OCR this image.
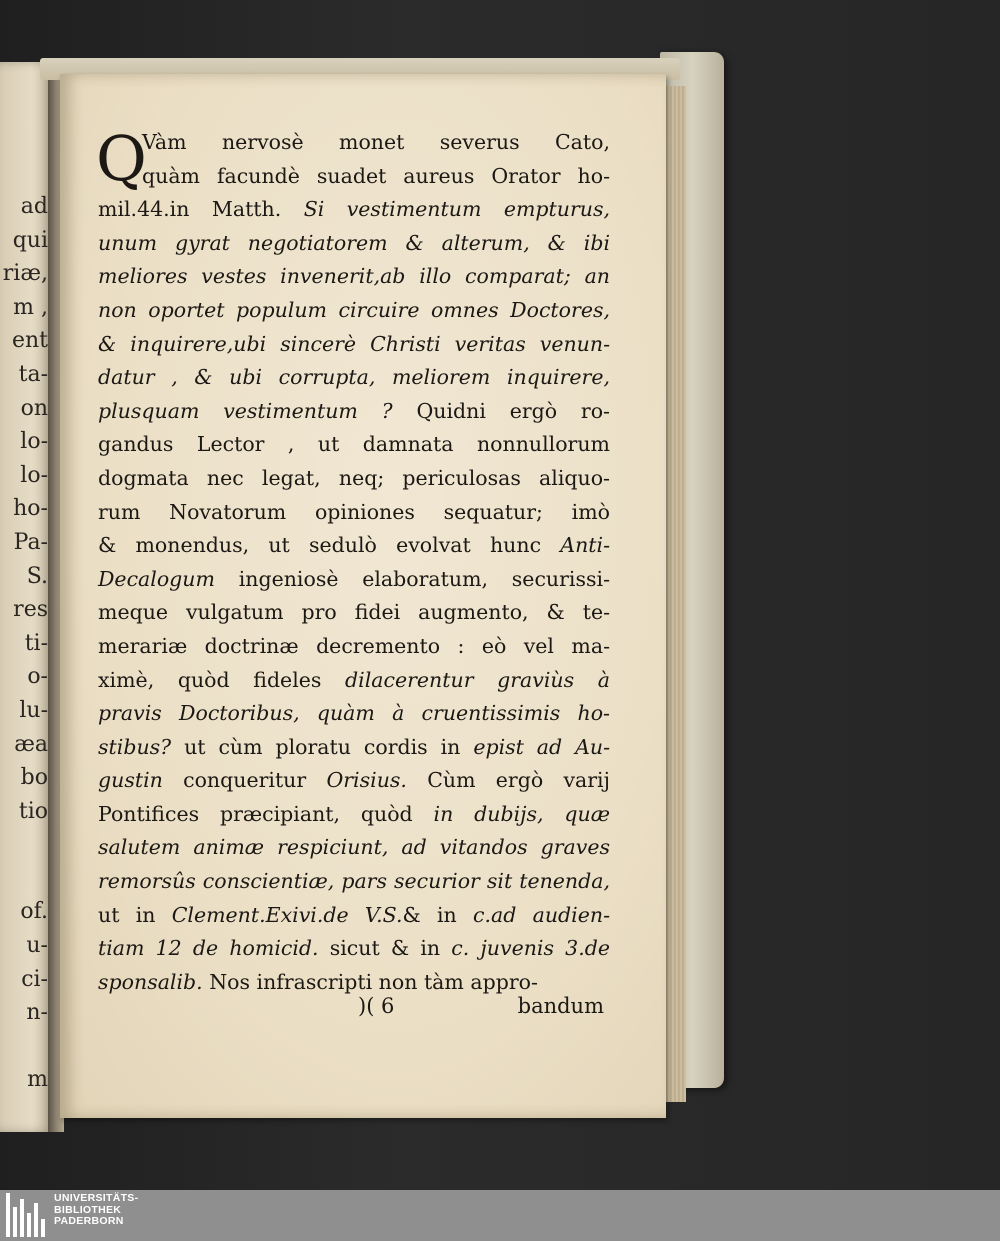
ad
qui
riæ,
m ,
ent
ta-
on
lo-
lo-
ho-
Pa-
S.
res
ti-
o-
lu-
æa
bo
tio
of.
u-
ci-
n-
m
Q
Vàm nervosè monet severus Cato,
quàm facundè suadet aureus Orator ho-
mil.44.in Matth. Si vestimentum empturus,
unum gyrat negotiatorem & alterum, & ibi
meliores vestes invenerit,ab illo comparat; an
non oportet populum circuire omnes Doctores,
& inquirere,ubi sincerè Christi veritas venun-
datur , & ubi corrupta, meliorem inquirere,
plusquam vestimentum ? Quidni ergò ro-
gandus Lector , ut damnata nonnullorum
dogmata nec legat, neq; periculosas aliquo-
rum Novatorum opiniones sequatur; imò
& monendus, ut sedulò evolvat hunc Anti-
Decalogum ingeniosè elaboratum, securissi-
meque vulgatum pro fidei augmento, & te-
merariæ doctrinæ decremento : eò vel ma-
ximè, quòd fideles dilacerentur graviùs à
pravis Doctoribus, quàm à cruentissimis ho-
stibus? ut cùm ploratu cordis in epist ad Au-
gustin conqueritur Orisius. Cùm ergò varij
Pontifices præcipiant, quòd in dubijs, quæ
salutem animæ respiciunt, ad vitandos graves
remorsûs conscientiæ, pars securior sit tenenda,
ut in Clement.Exivi.de V.S.& in c.ad audien-
tiam 12 de homicid. sicut & in c. juvenis 3.de
sponsalib. Nos infrascripti non tàm appro-
)( 6	bandum
UNIVERSITÄTS-
BIBLIOTHEK
PADERBORN
